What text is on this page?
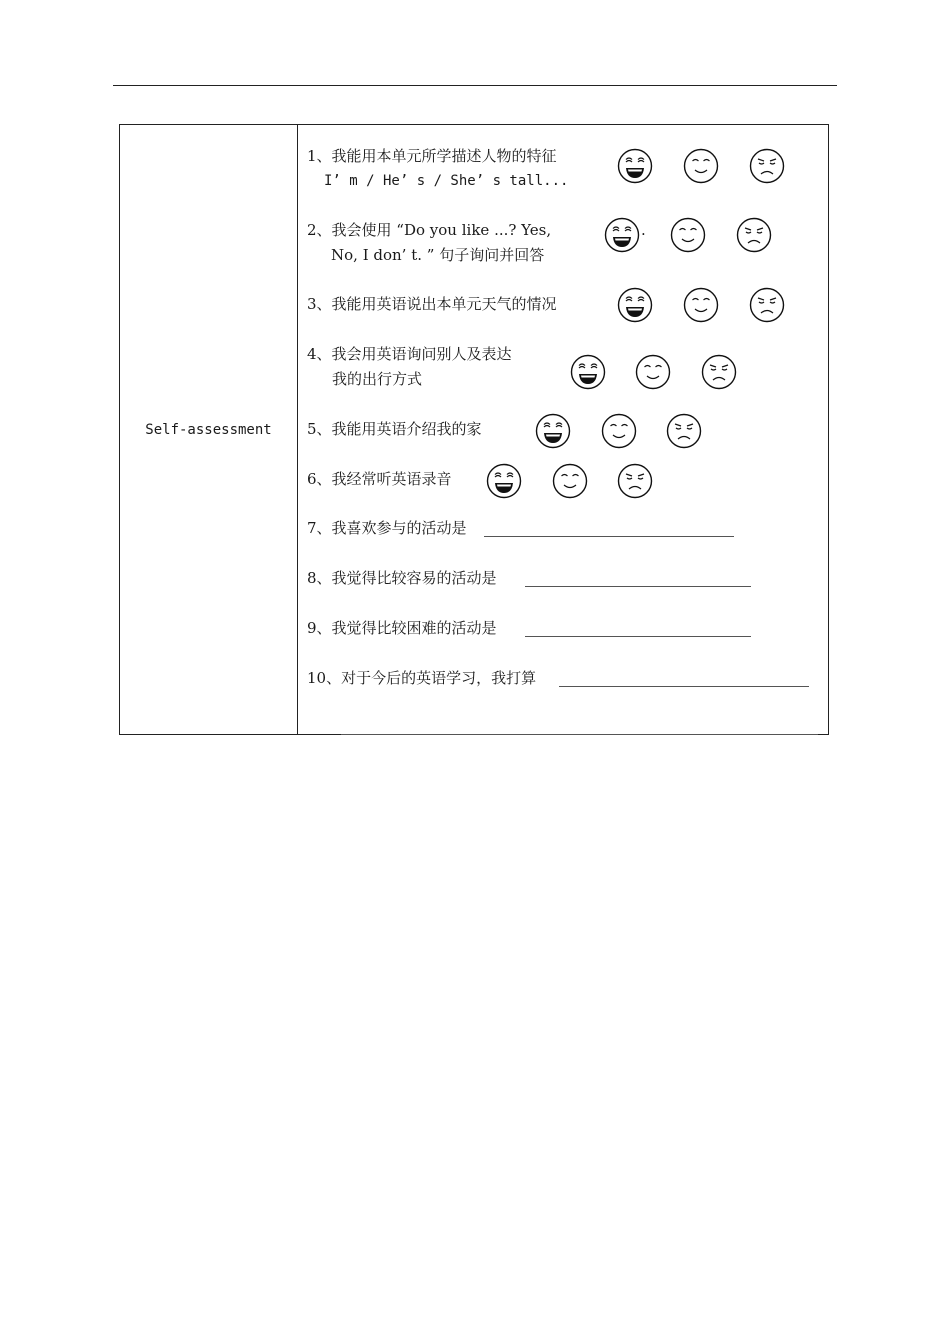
Self-assessment
1、我能用本单元所学描述人物的特征
I’ m / He’ s / She’ s tall...
2、我会使用 “Do you like ...? Yes,	.
No, I don’ t. ” 句子询问并回答
3、我能用英语说出本单元天气的情况
4、我会用英语询问别人及表达
我的出行方式
5、我能用英语介绍我的家
6、我经常听英语录音
7、我喜欢参与的活动是
8、我觉得比较容易的活动是
9、我觉得比较困难的活动是
10、对于今后的英语学习，我打算
